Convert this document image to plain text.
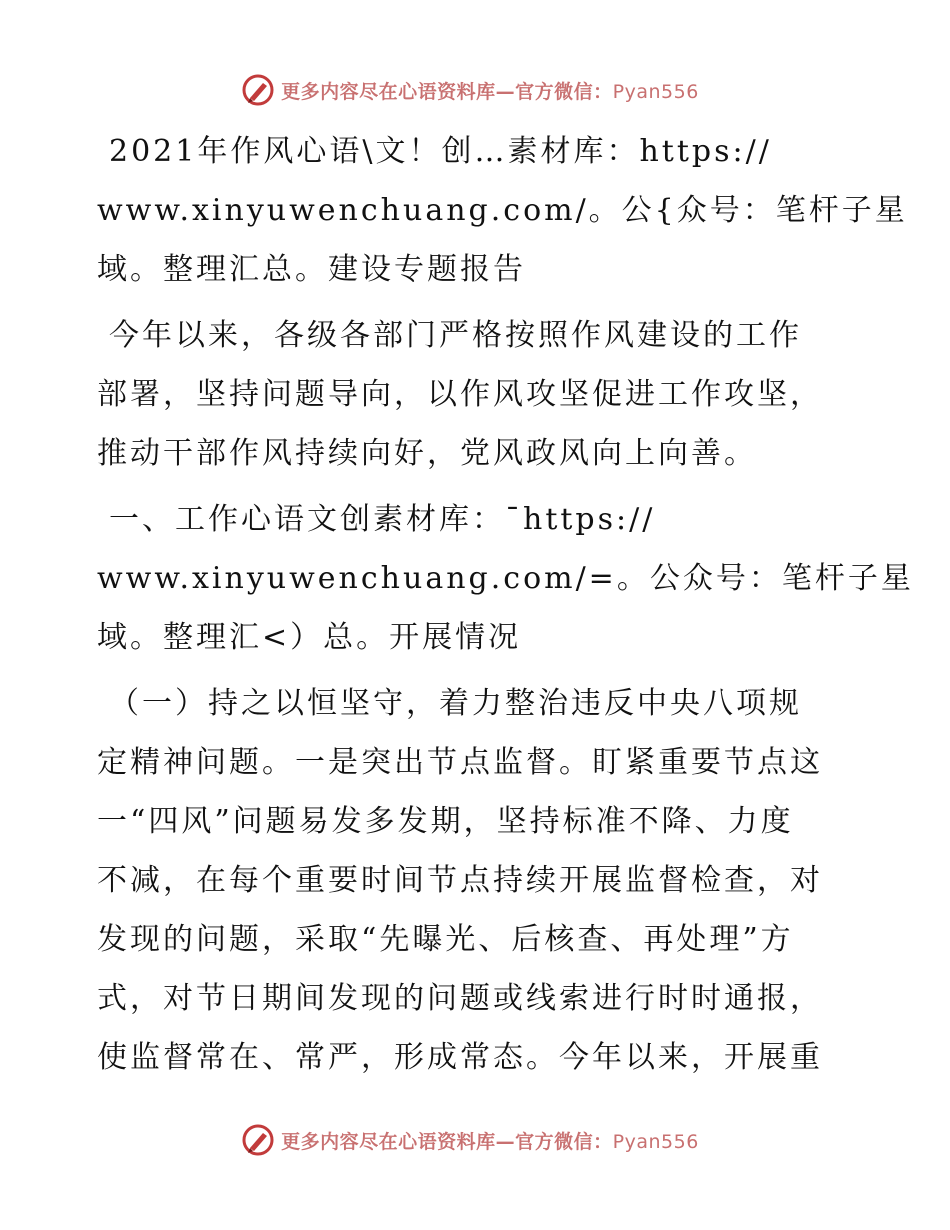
更多内容尽在心语资料库—官方微信：Pyan556
2021年作风心语\文！创…素材库：https://
www.xinyuwenchuang.com/。公{众号：笔杆子星
域。整理汇总。建设专题报告
今年以来，各级各部门严格按照作风建设的工作
部署，坚持问题导向，以作风攻坚促进工作攻坚，
推动干部作风持续向好，党风政风向上向善。
一、工作心语文创素材库：¯https://
www.xinyuwenchuang.com/=。公众号：笔杆子星
域。整理汇<）总。开展情况
（一）持之以恒坚守，着力整治违反中央八项规
定精神问题。一是突出节点监督。盯紧重要节点这
一“四风”问题易发多发期，坚持标准不降、力度
不减，在每个重要时间节点持续开展监督检查，对
发现的问题，采取“先曝光、后核查、再处理”方
式，对节日期间发现的问题或线索进行时时通报，
使监督常在、常严，形成常态。今年以来，开展重
更多内容尽在心语资料库—官方微信：Pyan556
